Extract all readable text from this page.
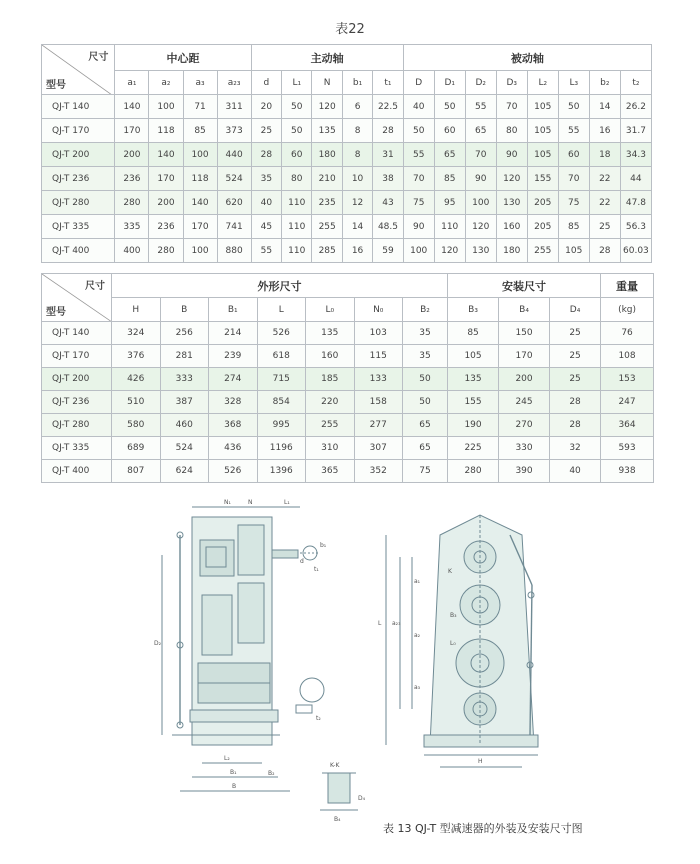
表22
尺寸
型号	中心距				主动轴					被动轴							
	a₁	a₂	a₃	a₂₃	d	L₁	N	b₁	t₁	D	D₁	D₂	D₃	L₂	L₃	b₂	t₂
QJ-T 140	140	100	71	311	20	50	120	6	22.5	40	50	55	70	105	50	14	26.2
QJ-T 170	170	118	85	373	25	50	135	8	28	50	60	65	80	105	55	16	31.7
QJ-T 200	200	140	100	440	28	60	180	8	31	55	65	70	90	105	60	18	34.3
QJ-T 236	236	170	118	524	35	80	210	10	38	70	85	90	120	155	70	22	44
QJ-T 280	280	200	140	620	40	110	235	12	43	75	95	100	130	205	75	22	47.8
QJ-T 335	335	236	170	741	45	110	255	14	48.5	90	110	120	160	205	85	25	56.3
QJ-T 400	400	280	100	880	55	110	285	16	59	100	120	130	180	255	105	28	60.03
尺寸
型号	外形尺寸							安装尺寸			重量
	H	B	B₁	L	L₀	N₀	B₂	B₃	B₄	D₄	(kg)
QJ-T 140	324	256	214	526	135	103	35	85	150	25	76
QJ-T 170	376	281	239	618	160	115	35	105	170	25	108
QJ-T 200	426	333	274	715	185	133	50	135	200	25	153
QJ-T 236	510	387	328	854	220	158	50	155	245	28	247
QJ-T 280	580	460	368	995	255	277	65	190	270	28	364
QJ-T 335	689	524	436	1196	310	307	65	225	330	32	593
QJ-T 400	807	624	526	1396	365	352	75	280	390	40	938
N₁	N	L₁
d
b₁
t₁
D₂
t₂
L₂
B₂
B₁
B
K-K
D₄
B₄
K
a₁
a₂
a₃
a₂₃
L
L₀
H
B₃
表 13 QJ-T 型减速器的外装及安装尺寸图
